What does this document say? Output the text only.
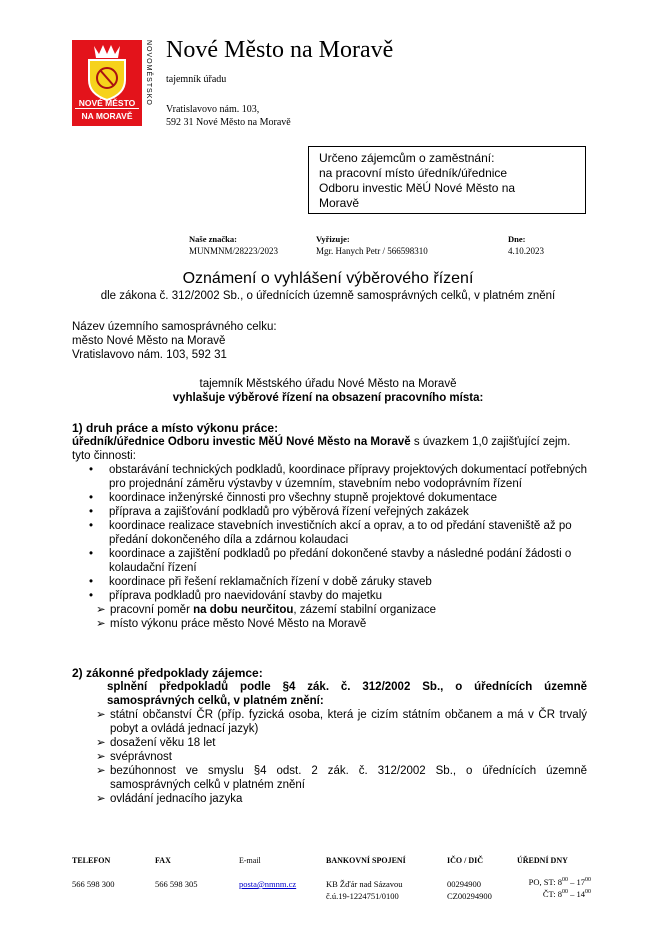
NOVÉ MĚSTO
NA MORAVĚ
NOVOMĚSTSKO Nové Město na Moravě
tajemník úřadu
Vratislavovo nám. 103,
592 31 Nové Město na Moravě
Určeno zájemcům o zaměstnání:
na pracovní místo úředník/úřednice
Odboru investic MěÚ Nové Město na
Moravě
Naše značka:
MUNMNM/28223/2023
Vyřizuje:
Mgr. Hanych Petr / 566598310
Dne:
4.10.2023
Oznámení o vyhlášení výběrového řízení
dle zákona č. 312/2002 Sb., o úřednících územně samosprávných celků, v platném znění
Název územního samosprávného celku:
město Nové Město na Moravě
Vratislavovo nám. 103, 592 31
tajemník Městského úřadu Nové Město na Moravě
vyhlašuje výběrové řízení na obsazení pracovního místa:
1) druh práce a místo výkonu práce:
úředník/úřednice Odboru investic MěÚ Nové Město na Moravě s úvazkem 1,0 zajišťující zejm.
tyto činnosti:
• obstarávání technických podkladů, koordinace přípravy projektových dokumentací potřebných pro projednání záměru výstavby v územním, stavebním nebo vodoprávním řízení
• koordinace inženýrské činnosti pro všechny stupně projektové dokumentace
• příprava a zajišťování podkladů pro výběrová řízení veřejných zakázek
• koordinace realizace stavebních investičních akcí a oprav, a to od předání staveniště až po předání dokončeného díla a zdárnou kolaudaci
• koordinace a zajištění podkladů po předání dokončené stavby a následné podání žádosti o kolaudační řízení
• koordinace při řešení reklamačních řízení v době záruky staveb
• příprava podkladů pro naevidování stavby do majetku
➢ pracovní poměr na dobu neurčitou, zázemí stabilní organizace
➢ místo výkonu práce město Nové Město na Moravě
2) zákonné předpoklady zájemce:
splnění předpokladů podle §4 zák. č. 312/2002 Sb., o úřednících územně samosprávných celků, v platném znění:
➢ státní občanství ČR (příp. fyzická osoba, která je cizím státním občanem a má v ČR trvalý pobyt a ovládá jednací jazyk)
➢ dosažení věku 18 let
➢ svéprávnost
➢ bezúhonnost ve smyslu §4 odst. 2 zák. č. 312/2002 Sb., o úřednících územně samosprávných celků v platném znění
➢ ovládání jednacího jazyka
TELEFON
566 598 300
FAX
566 598 305
E-mail
posta@nmnm.cz
BANKOVNÍ SPOJENÍ
KB Žďár nad Sázavou
č.ú.19-1224751/0100
IČO / DIČ
00294900
CZ00294900
ÚŘEDNÍ DNY
PO, ST: $8^{00} - 17^{00}$
ČT: $8^{00} - 14^{00}$
